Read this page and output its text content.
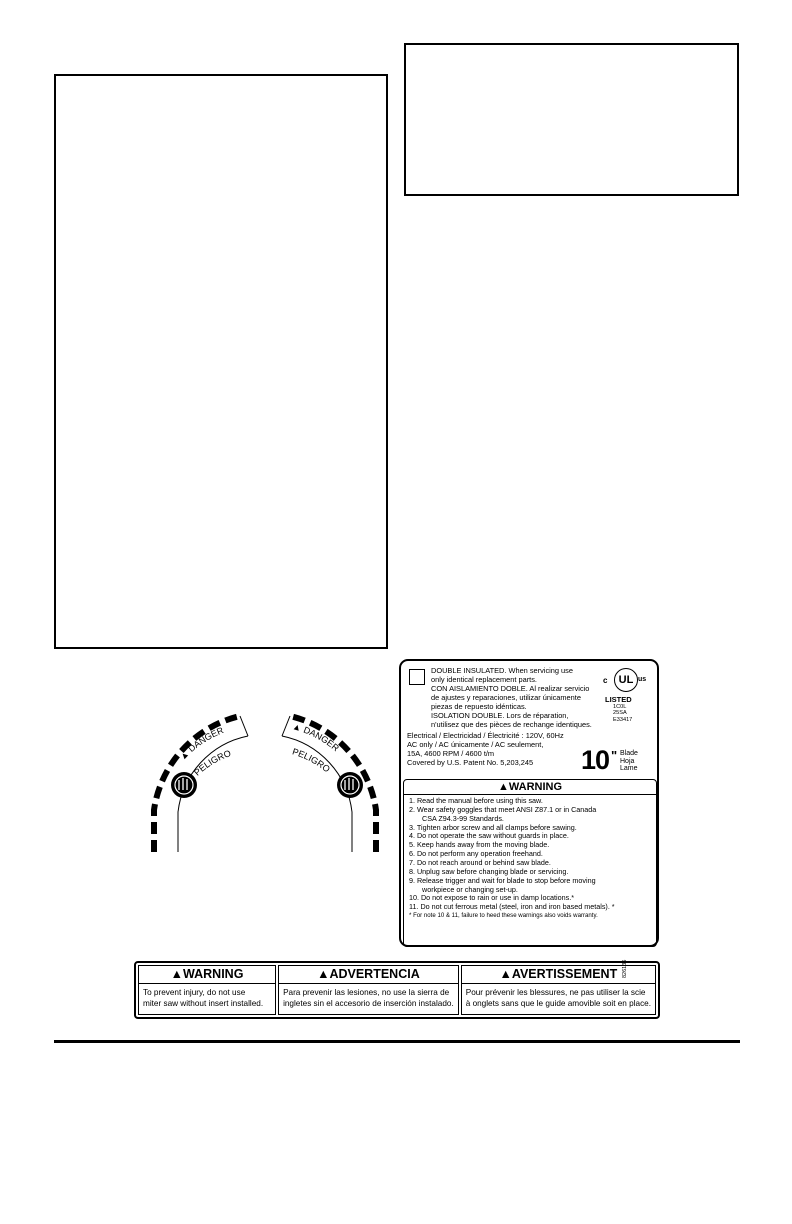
▲ DANGER
PELIGRO
▲ DANGER
PELIGRO
DOUBLE INSULATED. When servicing use
only identical replacement parts.
CON AISLAMIENTO DOBLE. Al realizar servicio
de ajustes y reparaciones, utilizar únicamente
piezas de repuesto idénticas.
ISOLATION DOUBLE. Lors de réparation,
n'utilisez que des pièces de rechange identiques.
c	UL us
LISTED
1C0L
25SA
E33417
Electrical / Electricidad / Électricité : 120V, 60Hz
AC only / AC únicamente / AC seulement,
15A, 4600 RPM / 4600 t/m
Covered by U.S. Patent No. 5,203,245	10 " Blade
Hoja
Lame
▲WARNING
1. Read the manual before using this saw.
2. Wear safety goggles that meet ANSI Z87.1 or in Canada
CSA Z94.3-99 Standards.
3. Tighten arbor screw and all clamps before sawing.
4. Do not operate the saw without guards in place.
5. Keep hands away from the moving blade.
6. Do not perform any operation freehand.
7. Do not reach around or behind saw blade.
8. Unplug saw before changing blade or servicing.
9. Release trigger and wait for blade to stop before moving
workpiece or changing set-up.
10. Do not expose to rain or use in damp locations.*
11. Do not cut ferrous metal (steel, iron and iron based metals). *
* For note 10 & 11, failure to heed these warnings also voids warranty.
826136
▲WARNING
To prevent injury, do not use
miter saw without insert installed.
▲ADVERTENCIA
Para prevenir las lesiones, no use la sierra de
ingletes sin el accesorio de inserción instalado.
▲AVERTISSEMENT
Pour prévenir les blessures, ne pas utiliser la scie
à onglets sans que le guide amovible soit en place.
